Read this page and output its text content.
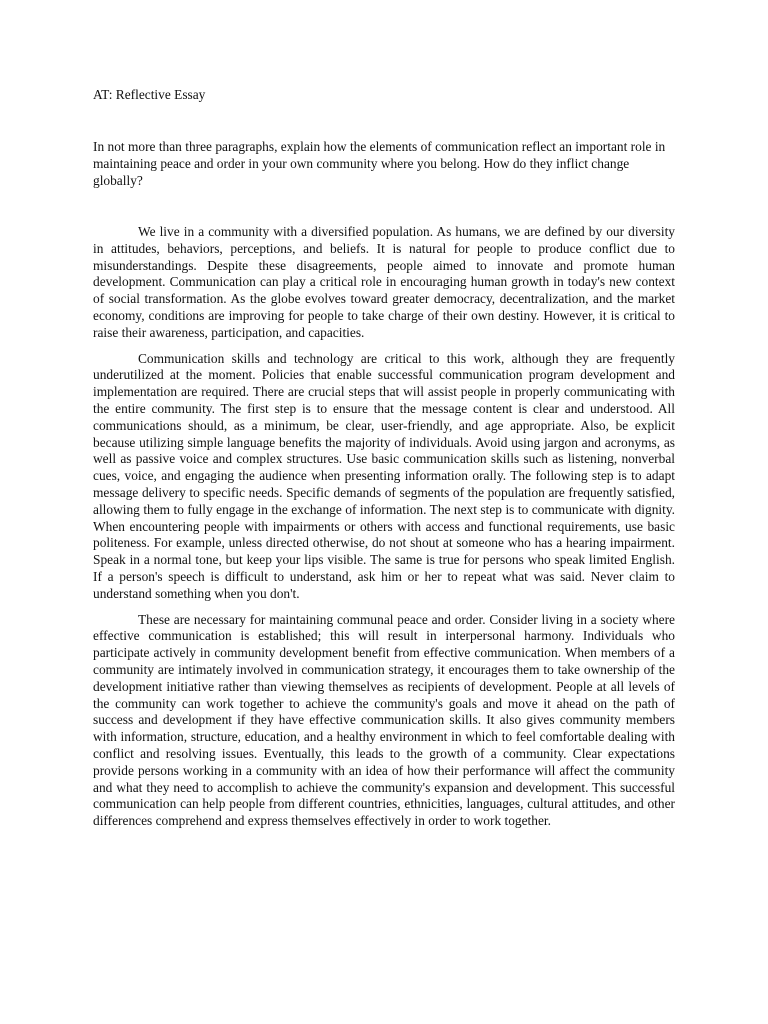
AT: Reflective Essay

In not more than three paragraphs, explain how the elements of communication reflect an important role in maintaining peace and order in your own community where you belong. How do they inflict change globally?

We live in a community with a diversified population. As humans, we are defined by our diversity in attitudes, behaviors, perceptions, and beliefs. It is natural for people to produce conflict due to misunderstandings. Despite these disagreements, people aimed to innovate and promote human development. Communication can play a critical role in encouraging human growth in today's new context of social transformation. As the globe evolves toward greater democracy, decentralization, and the market economy, conditions are improving for people to take charge of their own destiny. However, it is critical to raise their awareness, participation, and capacities.

Communication skills and technology are critical to this work, although they are frequently underutilized at the moment. Policies that enable successful communication program development and implementation are required. There are crucial steps that will assist people in properly communicating with the entire community. The first step is to ensure that the message content is clear and understood. All communications should, as a minimum, be clear, user-friendly, and age appropriate. Also, be explicit because utilizing simple language benefits the majority of individuals. Avoid using jargon and acronyms, as well as passive voice and complex structures. Use basic communication skills such as listening, nonverbal cues, voice, and engaging the audience when presenting information orally. The following step is to adapt message delivery to specific needs. Specific demands of segments of the population are frequently satisfied, allowing them to fully engage in the exchange of information. The next step is to communicate with dignity. When encountering people with impairments or others with access and functional requirements, use basic politeness. For example, unless directed otherwise, do not shout at someone who has a hearing impairment. Speak in a normal tone, but keep your lips visible. The same is true for persons who speak limited English. If a person's speech is difficult to understand, ask him or her to repeat what was said. Never claim to understand something when you don't.

These are necessary for maintaining communal peace and order. Consider living in a society where effective communication is established; this will result in interpersonal harmony. Individuals who participate actively in community development benefit from effective communication. When members of a community are intimately involved in communication strategy, it encourages them to take ownership of the development initiative rather than viewing themselves as recipients of development. People at all levels of the community can work together to achieve the community's goals and move it ahead on the path of success and development if they have effective communication skills. It also gives community members with information, structure, education, and a healthy environment in which to feel comfortable dealing with conflict and resolving issues. Eventually, this leads to the growth of a community. Clear expectations provide persons working in a community with an idea of how their performance will affect the community and what they need to accomplish to achieve the community's expansion and development. This successful communication can help people from different countries, ethnicities, languages, cultural attitudes, and other differences comprehend and express themselves effectively in order to work together.
